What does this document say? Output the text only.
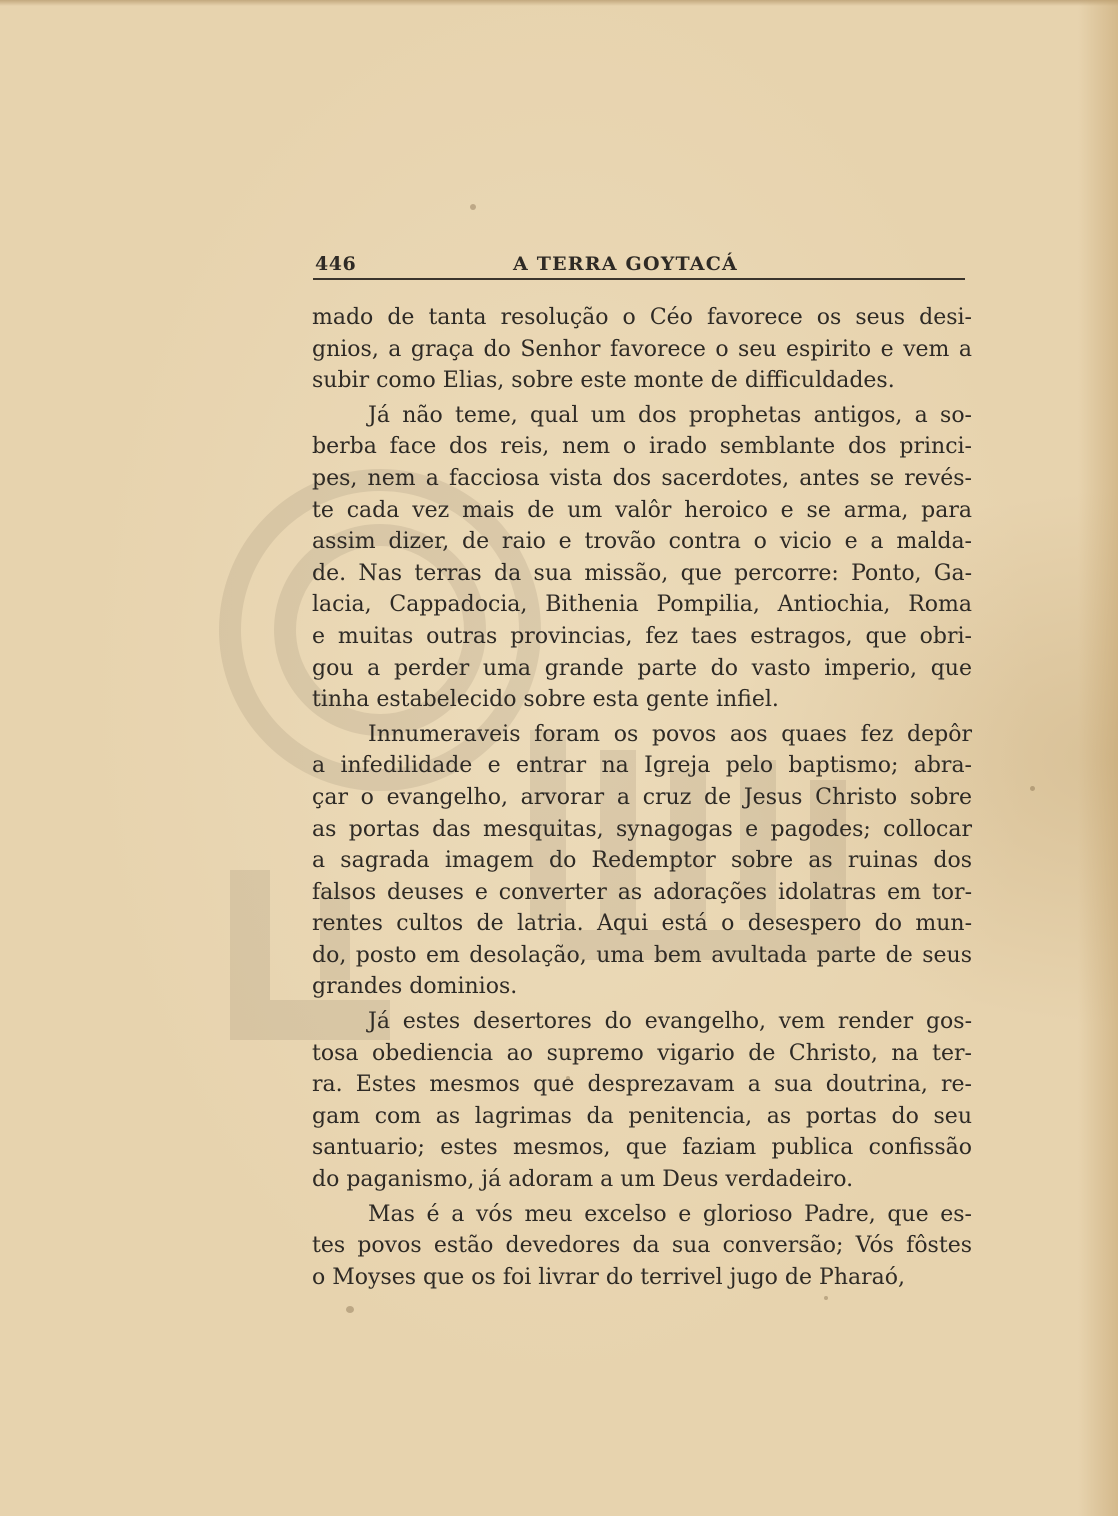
446	A TERRA GOYTACÁ
mado de tanta resolução o Céo favorece os seus desi-
gnios, a graça do Senhor favorece o seu espirito e vem a
subir como Elias, sobre este monte de difficuldades.
Já não teme, qual um dos prophetas antigos, a so-
berba face dos reis, nem o irado semblante dos princi-
pes, nem a facciosa vista dos sacerdotes, antes se revés-
te cada vez mais de um valôr heroico e se arma, para
assim dizer, de raio e trovão contra o vicio e a malda-
de. Nas terras da sua missão, que percorre: Ponto, Ga-
lacia, Cappadocia, Bithenia Pompilia, Antiochia, Roma
e muitas outras provincias, fez taes estragos, que obri-
gou a perder uma grande parte do vasto imperio, que
tinha estabelecido sobre esta gente infiel.
Innumeraveis foram os povos aos quaes fez depôr
a infedilidade e entrar na Igreja pelo baptismo; abra-
çar o evangelho, arvorar a cruz de Jesus Christo sobre
as portas das mesquitas, synagogas e pagodes; collocar
a sagrada imagem do Redemptor sobre as ruinas dos
falsos deuses e converter as adorações idolatras em tor-
rentes cultos de latria. Aqui está o desespero do mun-
do, posto em desolação, uma bem avultada parte de seus
grandes dominios.
Já estes desertores do evangelho, vem render gos-
tosa obediencia ao supremo vigario de Christo, na ter-
ra. Estes mesmos que desprezavam a sua doutrina, re-
gam com as lagrimas da penitencia, as portas do seu
santuario; estes mesmos, que faziam publica confissão
do paganismo, já adoram a um Deus verdadeiro.
Mas é a vós meu excelso e glorioso Padre, que es-
tes povos estão devedores da sua conversão; Vós fôstes
o Moyses que os foi livrar do terrivel jugo de Pharaó,
